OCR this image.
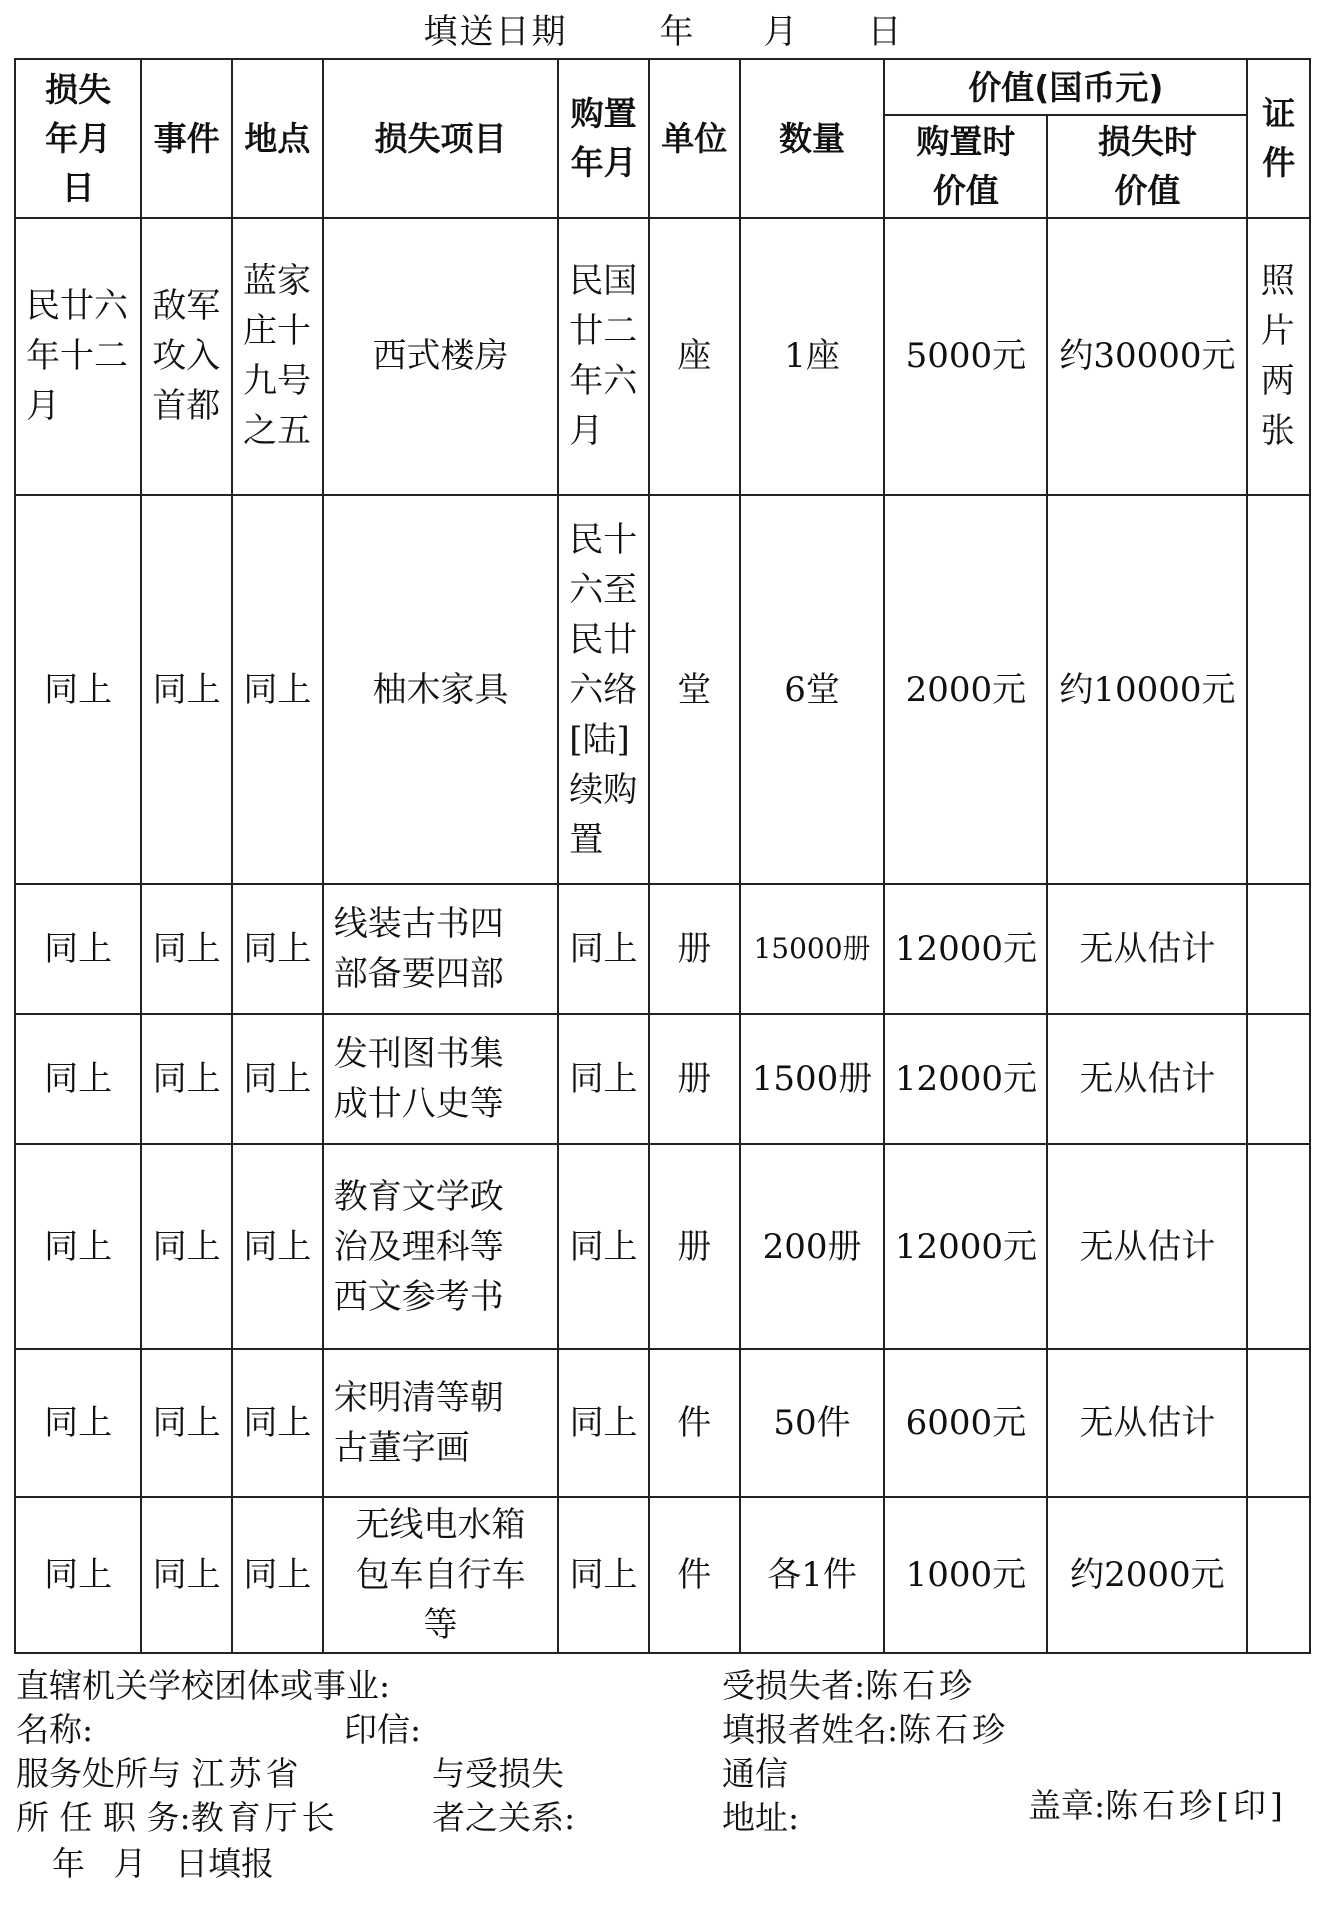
填送日期	年 月 日
损失年月日	事件	地点	损失项目	购置年月	单位	数量	价值(国币元)		证件
							购置时价值	损失时价值	
民廿六年十二月	敌军攻入首都	蓝家庄十九号之五	西式楼房	民国廿二年六月	座	1座	5000元	约30000元	照片两张
同上	同上	同上	柚木家具	民十六至民廿六络[陆]续购置	堂	6堂	2000元	约10000元	
同上	同上	同上	线装古书四部备要四部	同上	册	15000册	12000元	无从估计	
同上	同上	同上	发刊图书集成廿八史等	同上	册	1500册	12000元	无从估计	
同上	同上	同上	教育文学政治及理科等西文参考书	同上	册	200册	12000元	无从估计	
同上	同上	同上	宋明清等朝古董字画	同上	件	50件	6000元	无从估计	
同上	同上	同上	无线电水箱包车自行车等	同上	件	各1件	1000元	约2000元	
直辖机关学校团体或事业:	受损失者:陈石珍
名称:	印信:	填报者姓名:陈石珍
服务处所与 江苏省	与受损失	通信
所 任 职 务:教育厅长	者之关系:	地址:	盖章:陈石珍[印]
年 月 日填报
